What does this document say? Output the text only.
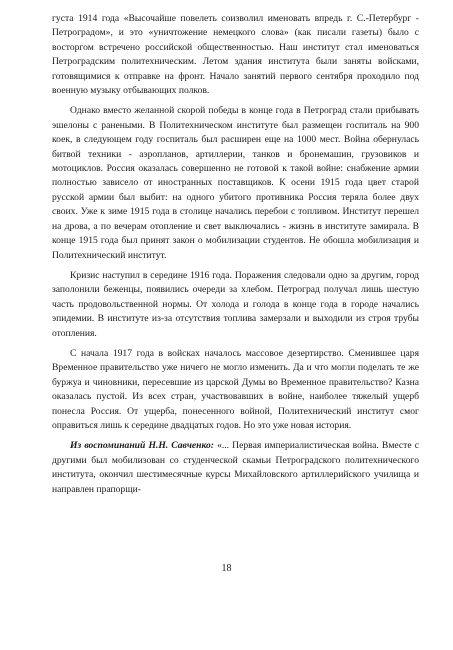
густа 1914 года «Высочайше повелеть соизволил именовать впредь г. С.-Петербург - Петроградом», и это «уничтожение немецкого слова» (как писали газеты) было с восторгом встречено российской общественностью. Наш институт стал именоваться Петроградским политехническим. Летом здания института были заняты войсками, готовящимися к отправке на фронт. Начало занятий первого сентября проходило под военную музыку отбывающих полков.

Однако вместо желанной скорой победы в конце года в Петроград стали прибывать эшелоны с ранеными. В Политехническом институте был размещен госпиталь на 900 коек, в следующем году госпиталь был расширен еще на 1000 мест. Война обернулась битвой техники - аэропланов, артиллерии, танков и бронемашин, грузовиков и мотоциклов. Россия оказалась совершенно не готовой к такой войне: снабжение армии полностью зависело от иностранных поставщиков. К осени 1915 года цвет старой русской армии был выбит: на одного убитого противника Россия теряла более двух своих. Уже к зиме 1915 года в столице начались перебои с топливом. Институт перешел на дрова, а по вечерам отопление и свет выключались - жизнь в институте замирала. В конце 1915 года был принят закон о мобилизации студентов. Не обошла мобилизация и Политехнический институт.

Кризис наступил в середине 1916 года. Поражения следовали одно за другим, город заполонили беженцы, появились очереди за хлебом. Петроград получал лишь шестую часть продовольственной нормы. От холода и голода в конце года в городе начались эпидемии. В институте из-за отсутствия топлива замерзали и выходили из строя трубы отопления.

С начала 1917 года в войсках началось массовое дезертирство. Сменившее царя Временное правительство уже ничего не могло изменить. Да и что могли поделать те же буржуа и чиновники, пересевшие из царской Думы во Временное правительство? Казна оказалась пустой. Из всех стран, участвовавших в войне, наиболее тяжелый ущерб понесла Россия. От ущерба, понесенного войной, Политехнический институт смог оправиться лишь к середине двадцатых годов. Но это уже новая история.

Из воспоминаний Н.Н. Савченко: «... Первая империалистическая война. Вместе с другими был мобилизован со студенческой скамьи Петроградского политехнического института, окончил шестимесячные курсы Михайловского артиллерийского училища и направлен прапорщи-

18
